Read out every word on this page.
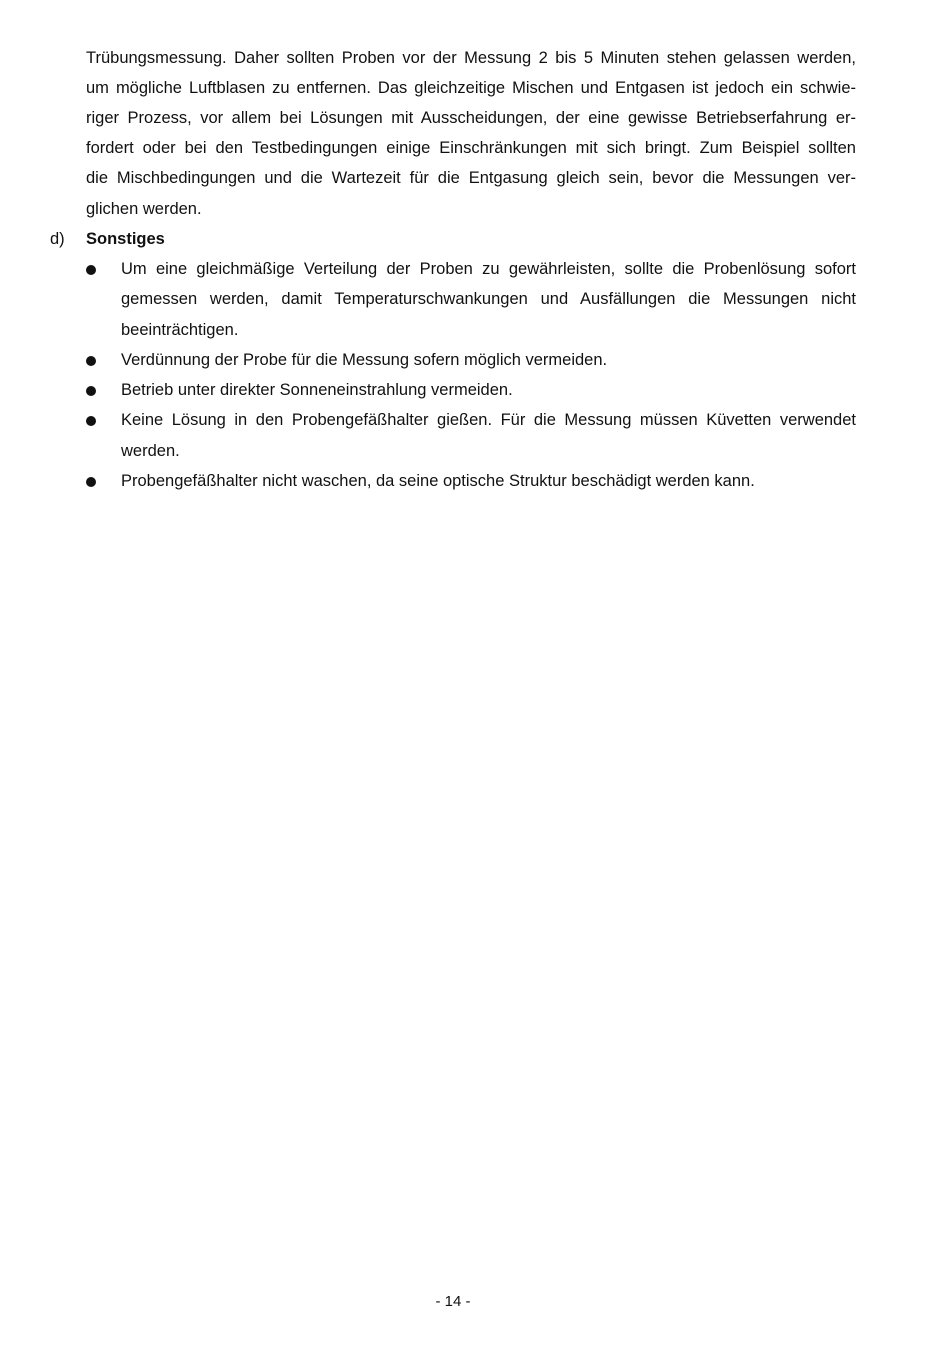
Trübungsmessung. Daher sollten Proben vor der Messung 2 bis 5 Minuten stehen gelassen werden,
um mögliche Luftblasen zu entfernen. Das gleichzeitige Mischen und Entgasen ist jedoch ein schwie-
riger Prozess, vor allem bei Lösungen mit Ausscheidungen, der eine gewisse Betriebserfahrung er-
fordert oder bei den Testbedingungen einige Einschränkungen mit sich bringt. Zum Beispiel sollten
die Mischbedingungen und die Wartezeit für die Entgasung gleich sein, bevor die Messungen ver-
glichen werden.
d) Sonstiges
Um eine gleichmäßige Verteilung der Proben zu gewährleisten, sollte die Probenlösung sofort
gemessen werden, damit Temperaturschwankungen und Ausfällungen die Messungen nicht
beeinträchtigen.
Verdünnung der Probe für die Messung sofern möglich vermeiden.
Betrieb unter direkter Sonneneinstrahlung vermeiden.
Keine Lösung in den Probengefäßhalter gießen. Für die Messung müssen Küvetten verwendet
werden.
Probengefäßhalter nicht waschen, da seine optische Struktur beschädigt werden kann.
- 14 -
